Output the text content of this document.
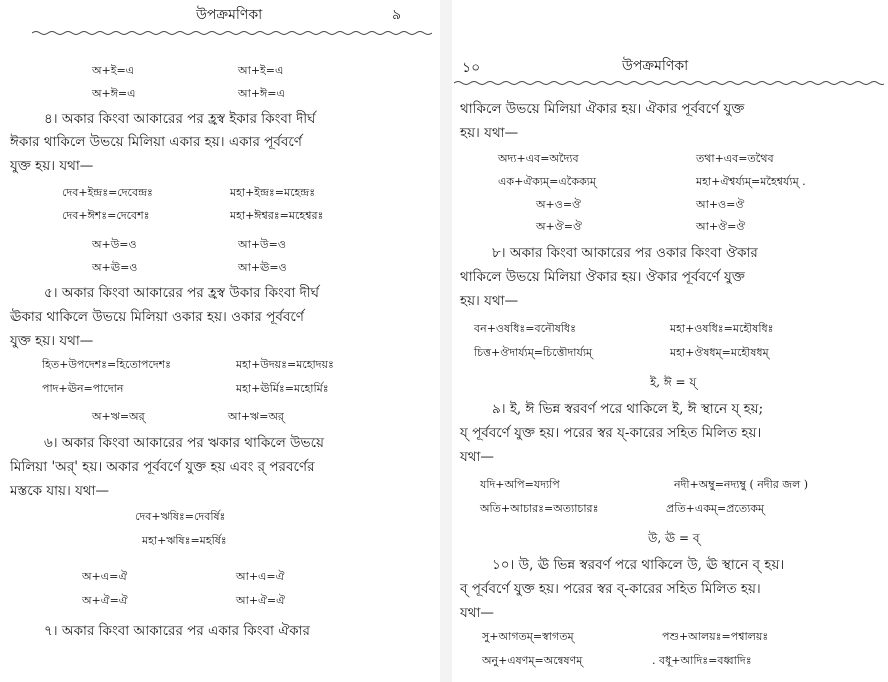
উপক্রমণিকা	৯
অ+ই=এ	আ+ই=এ
অ+ঈ=এ	আ+ঈ=এ
৪। অকার কিংবা আকারের পর হ্রস্ব ইকার কিংবা দীর্ঘ
ঈকার থাকিলে উভয়ে মিলিয়া একার হয়। একার পূর্ববর্ণে
যুক্ত হয়। যথা—
দেব+ইন্দ্রঃ=দেবেন্দ্রঃ	মহা+ইন্দ্রঃ=মহেন্দ্রঃ
দেব+ঈশঃ=দেবেশঃ	মহা+ঈশ্বরঃ=মহেশ্বরঃ
অ+উ=ও	আ+উ=ও
অ+ঊ=ও	আ+ঊ=ও
৫। অকার কিংবা আকারের পর হ্রস্ব উকার কিংবা দীর্ঘ
ঊকার থাকিলে উভয়ে মিলিয়া ওকার হয়। ওকার পূর্ববর্ণে
যুক্ত হয়। যথা—
হিত+উপদেশঃ=হিতোপদেশঃ	মহা+উদয়ঃ=মহোদয়ঃ
পাদ+ঊন=পাদোন	মহা+ঊর্মিঃ=মহোর্মিঃ
অ+ঋ=অর্	আ+ঋ=অর্
৬। অকার কিংবা আকারের পর ঋকার থাকিলে উভয়ে
মিলিয়া 'অর্' হয়। অকার পূর্ববর্ণে যুক্ত হয় এবং র্ পরবর্ণের
মস্তকে যায়। যথা—
দেব+ঋষিঃ=দেবর্ষিঃ
মহা+ঋষিঃ=মহর্ষিঃ
অ+এ=ঐ	আ+এ=ঐ
অ+ঐ=ঐ	আ+ঐ=ঐ
৭। অকার কিংবা আকারের পর একার কিংবা ঐকার
১০	উপক্রমণিকা
থাকিলে উভয়ে মিলিয়া ঐকার হয়। ঐকার পূর্ববর্ণে যুক্ত
হয়। যথা—
অদ্য+এব=অদ্যৈব	তথা+এব=তথৈব
এক+ঐক্যম্=একৈক্যম্	মহা+ঐশ্বর্য্যম্=মহৈশ্বর্য্যম্ .
অ+ও=ঔ	আ+ও=ঔ
অ+ঔ=ঔ	আ+ঔ=ঔ
৮। অকার কিংবা আকারের পর ওকার কিংবা ঔকার
থাকিলে উভয়ে মিলিয়া ঔকার হয়। ঔকার পূর্ববর্ণে যুক্ত
হয়। যথা—
বন+ওষধিঃ=বনৌষধিঃ	মহা+ওষধিঃ=মহৌষধিঃ
চিত্ত+ঔদার্য্যম্=চিত্তৌদার্য্যম্	মহা+ঔষধম্=মহৌষধম্
ই, ঈ = য্
৯। ই, ঈ ভিন্ন স্বরবর্ণ পরে থাকিলে ই, ঈ স্থানে য্ হয়;
য্ পূর্ববর্ণে যুক্ত হয়। পরের স্বর য্-কারের সহিত মিলিত হয়।
যথা—
যদি+অপি=যদ্যপি	নদী+অম্বু=নদ্যম্বু ( নদীর জল )
অতি+আচারঃ=অত্যাচারঃ	প্রতি+একম্=প্রত্যেকম্
উ, ঊ = ব্
১০। উ, ঊ ভিন্ন স্বরবর্ণ পরে থাকিলে উ, ঊ স্থানে ব্ হয়।
ব্ পূর্ববর্ণে যুক্ত হয়। পরের স্বর ব্-কারের সহিত মিলিত হয়।
যথা—
সু+আগতম্=স্বাগতম্	পশু+আলয়ঃ=পশ্বালয়ঃ
অনু+এষণম্=অন্বেষণম্	. বধূ+আদিঃ=বধ্বাদিঃ
